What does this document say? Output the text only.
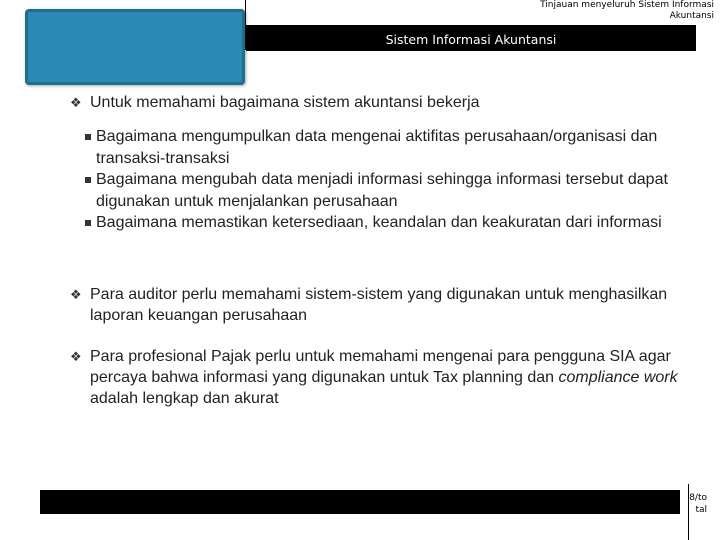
Tinjauan menyeluruh Sistem Informasi Akuntansi
Sistem Informasi Akuntansi
❖ Untuk memahami bagaimana sistem akuntansi bekerja
Bagaimana mengumpulkan data mengenai aktifitas perusahaan/organisasi dan transaksi-transaksi
Bagaimana mengubah data menjadi informasi sehingga informasi tersebut dapat digunakan untuk menjalankan perusahaan
Bagaimana memastikan ketersediaan, keandalan dan keakuratan dari informasi
❖ Para auditor perlu memahami sistem-sistem yang digunakan untuk menghasilkan laporan keuangan perusahaan
❖ Para profesional Pajak perlu untuk memahami mengenai para pengguna SIA agar percaya bahwa informasi yang digunakan untuk Tax planning dan compliance work adalah lengkap dan akurat
8/total
